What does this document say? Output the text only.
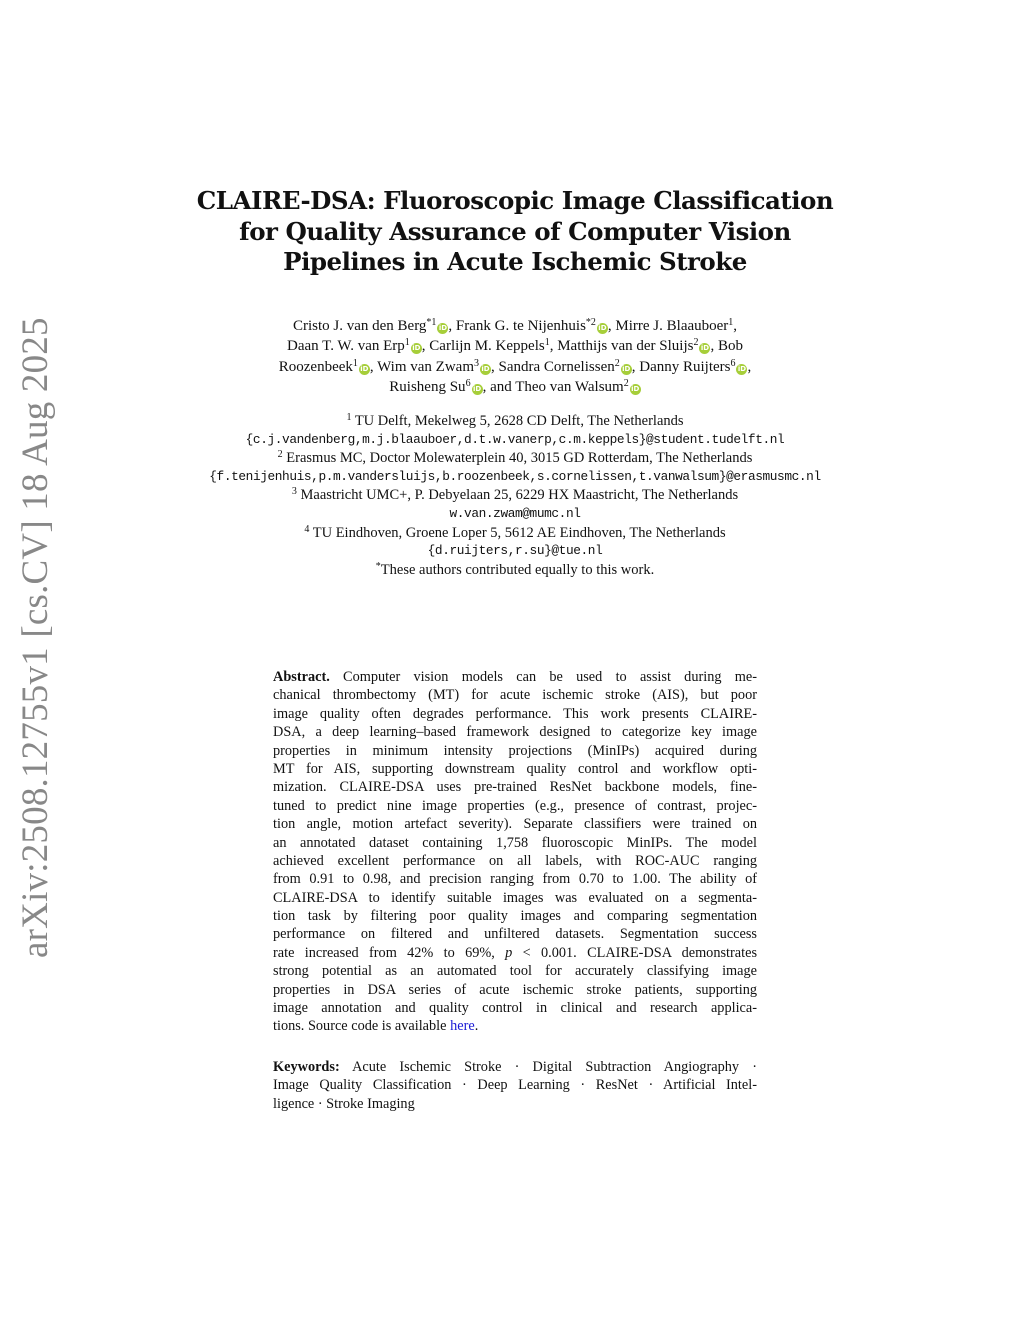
arXiv:2508.12755v1 [cs.CV] 18 Aug 2025
CLAIRE-DSA: Fluoroscopic Image Classification
for Quality Assurance of Computer Vision
Pipelines in Acute Ischemic Stroke
Cristo J. van den Berg$^{*1}$ iD, Frank G. te Nijenhuis$^{*2}$ iD, Mirre J. Blaauboer$^1$,
Daan T. W. van Erp$^1$ iD, Carlijn M. Keppels$^1$, Matthijs van der Sluijs$^2$ iD, Bob
Roozenbeek$^1$ iD, Wim van Zwam$^3$ iD, Sandra Cornelissen$^2$ iD, Danny Ruijters$^6$ iD,
Ruisheng Su$^6$ iD, and Theo van Walsum$^2$ iD
$^1$ TU Delft, Mekelweg 5, 2628 CD Delft, The Netherlands
{c.j.vandenberg,m.j.blaauboer,d.t.w.vanerp,c.m.keppels}@student.tudelft.nl
$^2$ Erasmus MC, Doctor Molewaterplein 40, 3015 GD Rotterdam, The Netherlands
{f.tenijenhuis,p.m.vandersluijs,b.roozenbeek,s.cornelissen,t.vanwalsum}@erasmusmc.nl
$^3$ Maastricht UMC+, P. Debyelaan 25, 6229 HX Maastricht, The Netherlands
w.van.zwam@mumc.nl
$^4$ TU Eindhoven, Groene Loper 5, 5612 AE Eindhoven, The Netherlands
{d.ruijters,r.su}@tue.nl
*These authors contributed equally to this work.
Abstract. Computer vision models can be used to assist during me-
chanical thrombectomy (MT) for acute ischemic stroke (AIS), but poor
image quality often degrades performance. This work presents CLAIRE-
DSA, a deep learning–based framework designed to categorize key image
properties in minimum intensity projections (MinIPs) acquired during
MT for AIS, supporting downstream quality control and workflow opti-
mization. CLAIRE-DSA uses pre-trained ResNet backbone models, fine-
tuned to predict nine image properties (e.g., presence of contrast, projec-
tion angle, motion artefact severity). Separate classifiers were trained on
an annotated dataset containing 1,758 fluoroscopic MinIPs. The model
achieved excellent performance on all labels, with ROC-AUC ranging
from 0.91 to 0.98, and precision ranging from 0.70 to 1.00. The ability of
CLAIRE-DSA to identify suitable images was evaluated on a segmenta-
tion task by filtering poor quality images and comparing segmentation
performance on filtered and unfiltered datasets. Segmentation success
rate increased from 42% to 69%, p < 0.001. CLAIRE-DSA demonstrates
strong potential as an automated tool for accurately classifying image
properties in DSA series of acute ischemic stroke patients, supporting
image annotation and quality control in clinical and research applica-
tions. Source code is available here.
Keywords: Acute Ischemic Stroke · Digital Subtraction Angiography ·
Image Quality Classification · Deep Learning · ResNet · Artificial Intel-
ligence · Stroke Imaging
